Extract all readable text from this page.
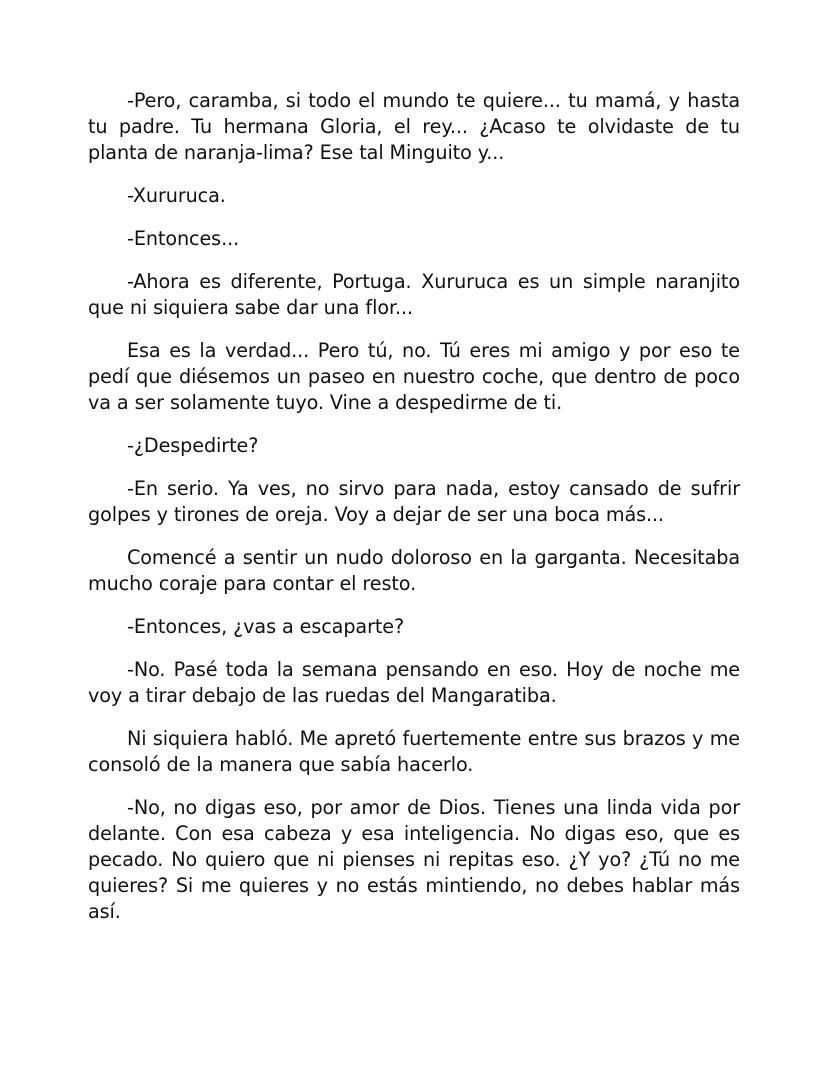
-Pero, caramba, si todo el mundo te quiere... tu mamá, y hasta tu padre. Tu hermana Gloria, el rey... ¿Acaso te olvidaste de tu planta de naranja-lima? Ese tal Minguito y...

-Xururuca.

-Entonces...

-Ahora es diferente, Portuga. Xururuca es un simple naranjito que ni siquiera sabe dar una flor...

Esa es la verdad... Pero tú, no. Tú eres mi amigo y por eso te pedí que diésemos un paseo en nuestro coche, que dentro de poco va a ser solamente tuyo. Vine a despedirme de ti.

-¿Despedirte?

-En serio. Ya ves, no sirvo para nada, estoy cansado de sufrir golpes y tirones de oreja. Voy a dejar de ser una boca más...

Comencé a sentir un nudo doloroso en la garganta. Necesitaba mucho coraje para contar el resto.

-Entonces, ¿vas a escaparte?

-No. Pasé toda la semana pensando en eso. Hoy de noche me voy a tirar debajo de las ruedas del Mangaratiba.

Ni siquiera habló. Me apretó fuertemente entre sus brazos y me consoló de la manera que sabía hacerlo.

-No, no digas eso, por amor de Dios. Tienes una linda vida por delante. Con esa cabeza y esa inteligencia. No digas eso, que es pecado. No quiero que ni pienses ni repitas eso. ¿Y yo? ¿Tú no me quieres? Si me quieres y no estás mintiendo, no debes hablar más así.
